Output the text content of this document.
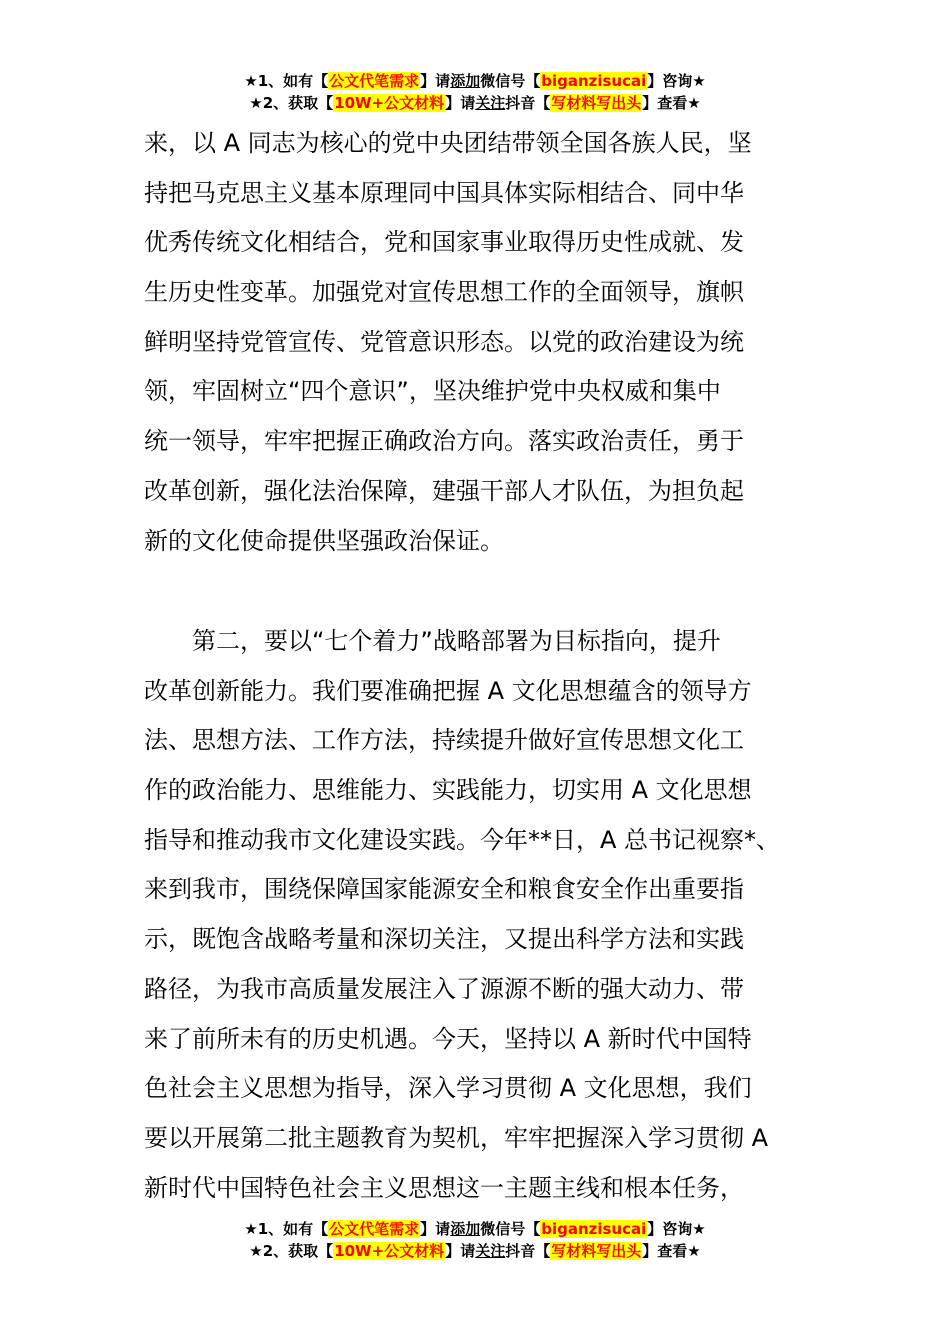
★1、如有【公文代笔需求】请添加微信号【biganzisucai】咨询★
★2、获取【10W+公文材料】请关注抖音【写材料写出头】查看★
来，以 A 同志为核心的党中央团结带领全国各族人民，坚
持把马克思主义基本原理同中国具体实际相结合、同中华
优秀传统文化相结合，党和国家事业取得历史性成就、发
生历史性变革。加强党对宣传思想工作的全面领导，旗帜
鲜明坚持党管宣传、党管意识形态。以党的政治建设为统
领，牢固树立“四个意识”，坚决维护党中央权威和集中
统一领导，牢牢把握正确政治方向。落实政治责任，勇于
改革创新，强化法治保障，建强干部人才队伍，为担负起
新的文化使命提供坚强政治保证。
　　第二，要以“七个着力”战略部署为目标指向，提升
改革创新能力。我们要准确把握 A 文化思想蕴含的领导方
法、思想方法、工作方法，持续提升做好宣传思想文化工
作的政治能力、思维能力、实践能力，切实用 A 文化思想
指导和推动我市文化建设实践。今年**日，A 总书记视察*、
来到我市，围绕保障国家能源安全和粮食安全作出重要指
示，既饱含战略考量和深切关注，又提出科学方法和实践
路径，为我市高质量发展注入了源源不断的强大动力、带
来了前所未有的历史机遇。今天，坚持以 A 新时代中国特
色社会主义思想为指导，深入学习贯彻 A 文化思想，我们
要以开展第二批主题教育为契机，牢牢把握深入学习贯彻 A
新时代中国特色社会主义思想这一主题主线和根本任务，
★1、如有【公文代笔需求】请添加微信号【biganzisucai】咨询★
★2、获取【10W+公文材料】请关注抖音【写材料写出头】查看★
